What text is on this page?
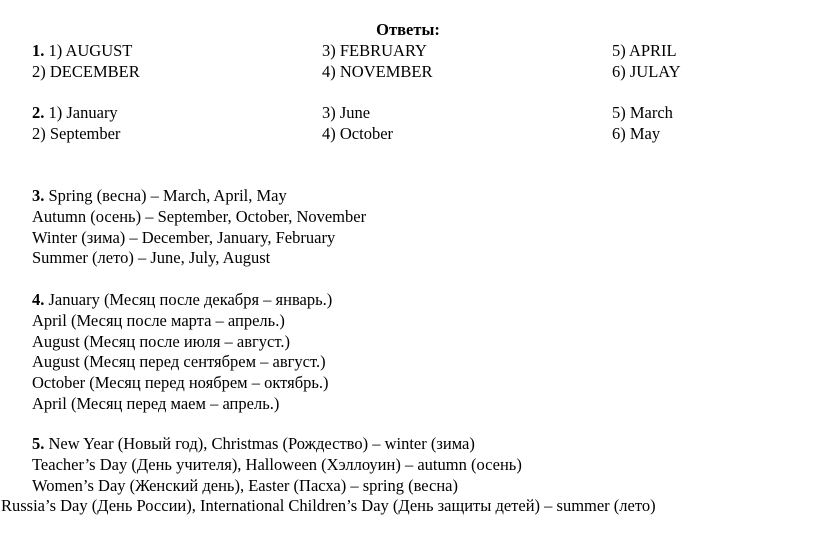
Ответы:
1. 1) AUGUST	3) FEBRUARY	5) APRIL
2) DECEMBER	4) NOVEMBER	6) JULAY
2. 1) January	3) June	5) March
2) September	4) October	6) May
3. Spring (весна) – March, April, May
Autumn (осень) – September, October, November
Winter (зима) – December, January, February
Summer (лето) – June, July, August
4. January (Месяц после декабря – январь.)
April (Месяц после марта – апрель.)
August (Месяц после июля – август.)
August (Месяц перед сентябрем – август.)
October (Месяц перед ноябрем – октябрь.)
April (Месяц перед маем – апрель.)
5. New Year (Новый год), Christmas (Рождество) – winter (зима)
Teacher’s Day (День учителя), Halloween (Хэллоуин) – autumn (осень)
Women’s Day (Женский день), Easter (Пасха) – spring (весна)
Russia’s Day (День России), International Children’s Day (День защиты детей) – summer (лето)
